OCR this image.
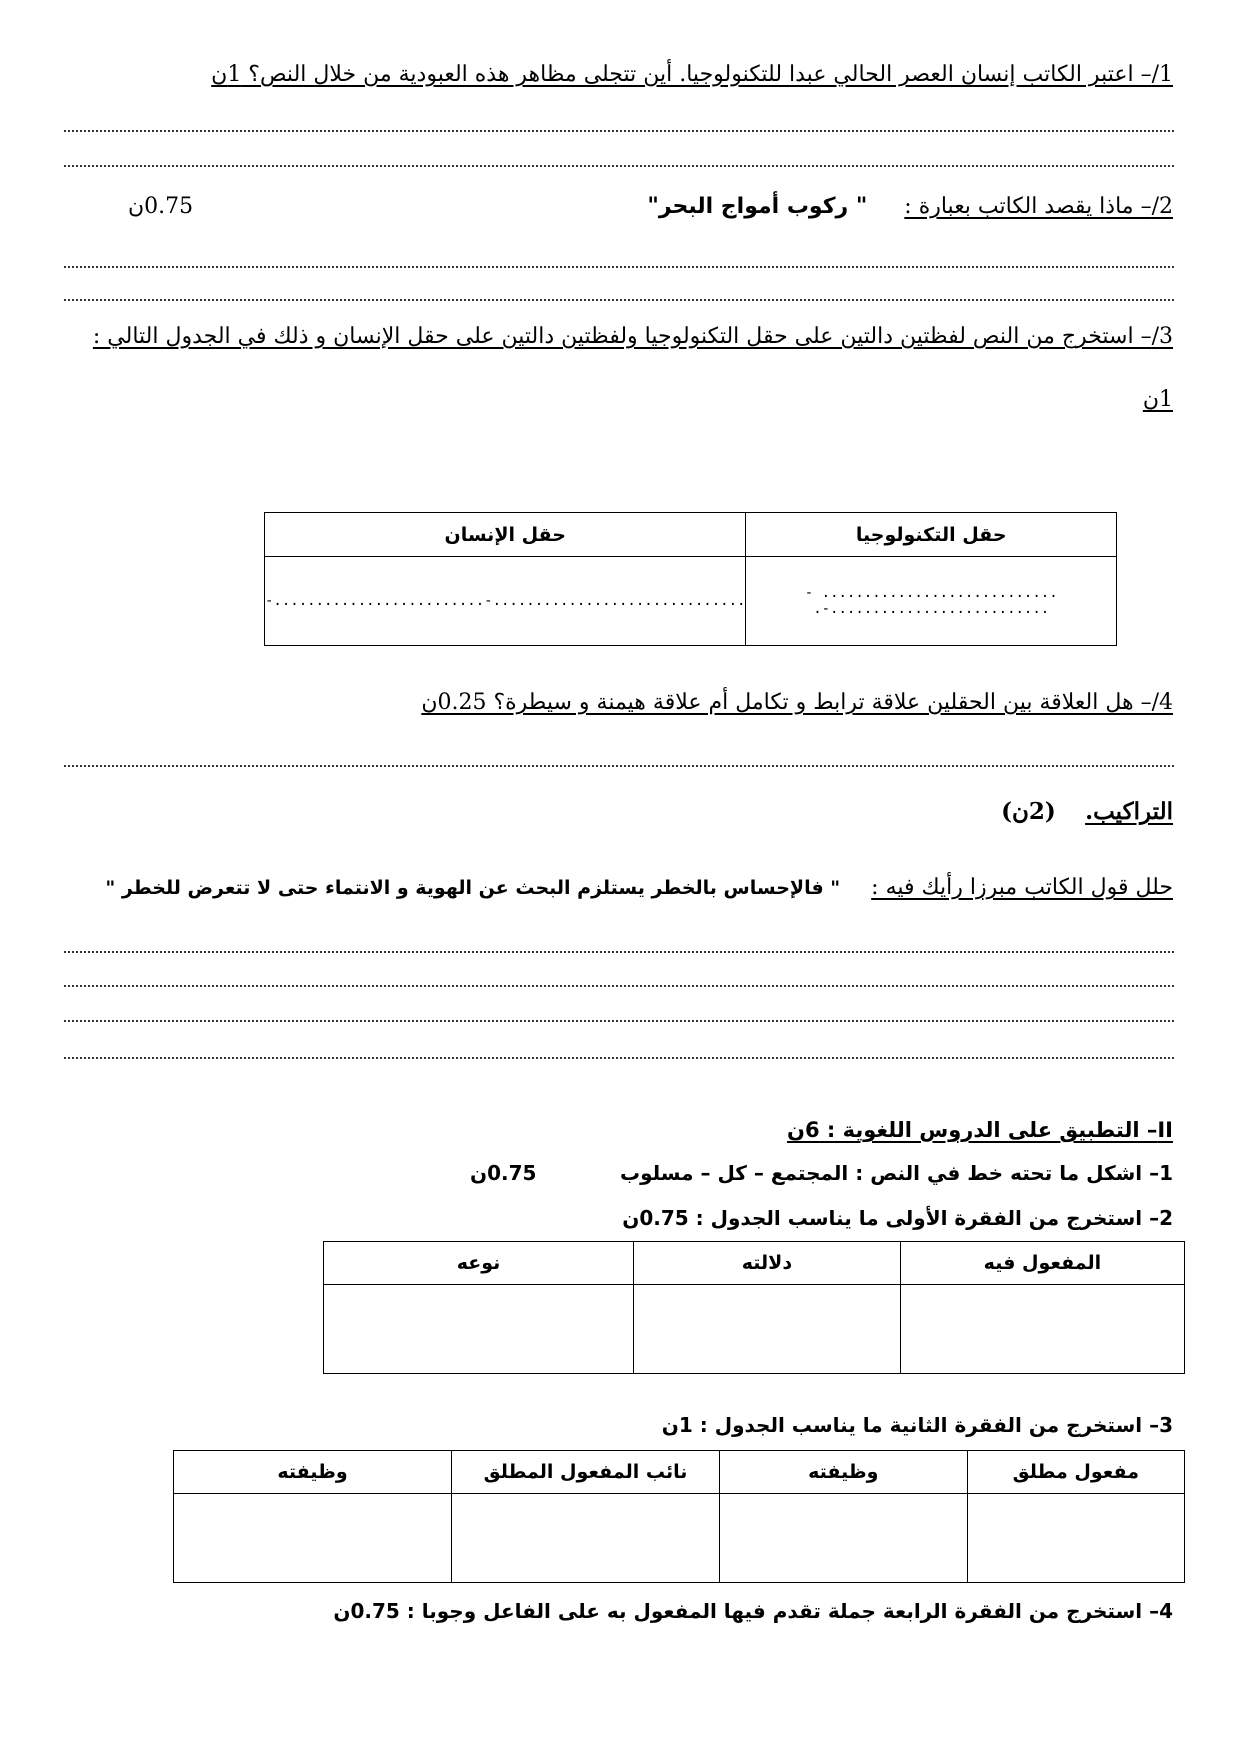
1/– اعتبر الكاتب إنسان العصر الحالي عبدا للتكنولوجيا. أين تتجلى مظاهر هذه العبودية من خلال النص؟ 1ن
2/– ماذا يقصد الكاتب بعبارة : " ركوب أمواج البحر"
0.75ن
3/– استخرج من النص لفظتين دالتين على حقل التكنولوجيا ولفظتين دالتين على حقل الإنسان و ذلك في الجدول التالي :
1ن
حقل التكنولوجيا	حقل الإنسان
............................ - ..........................-.	..............................-.........................-
4/– هل العلاقة بين الحقلين علاقة ترابط و تكامل أم علاقة هيمنة و سيطرة؟ 0.25ن
التراكيب. (2ن)
حلل قول الكاتب مبرزا رأيك فيه : " فالإحساس بالخطر يستلزم البحث عن الهوية و الانتماء حتى لا تتعرض للخطر "
II– التطبيق على الدروس اللغوية : 6ن
1– اشكل ما تحته خط في النص : المجتمع – كل – مسلوب
0.75ن
2– استخرج من الفقرة الأولى ما يناسب الجدول : 0.75ن
المفعول فيه	دلالته	نوعه

3– استخرج من الفقرة الثانية ما يناسب الجدول : 1ن
مفعول مطلق	وظيفته	نائب المفعول المطلق	وظيفته

4– استخرج من الفقرة الرابعة جملة تقدم فيها المفعول به على الفاعل وجوبا : 0.75ن
